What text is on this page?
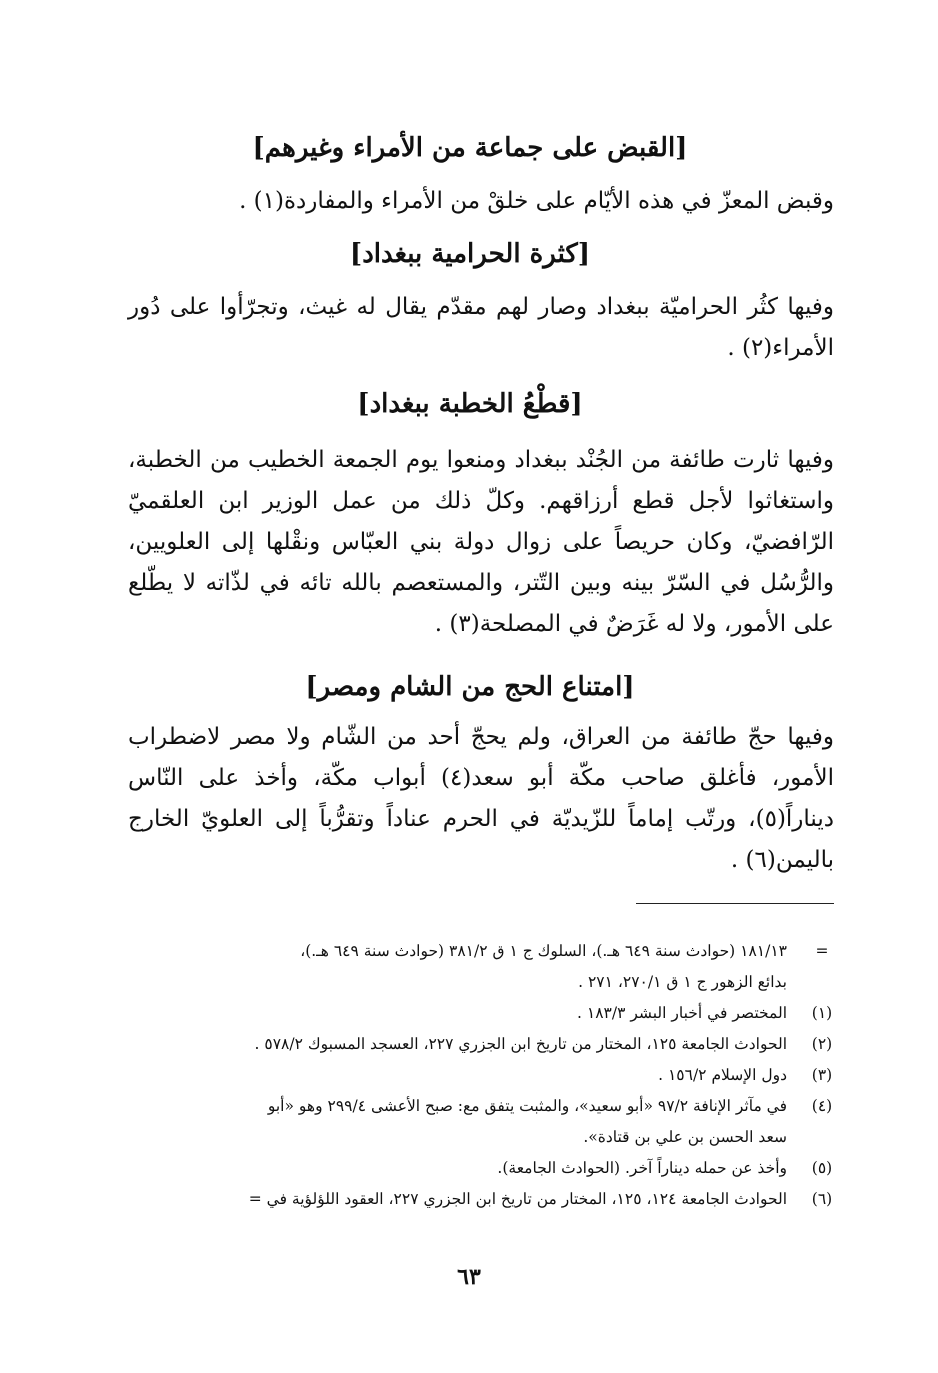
[القبض على جماعة من الأمراء وغيرهم]

وقبض المعزّ في هذه الأيّام على خلقْ من الأمراء والمفاردة(١) .

[كثرة الحرامية ببغداد]

وفيها كثُر الحراميّة ببغداد وصار لهم مقدّم يقال له غيث، وتجرّأوا على دُور الأمراء(٢) .

[قطْعُ الخطبة ببغداد]

وفيها ثارت طائفة من الجُنْد ببغداد ومنعوا يوم الجمعة الخطيب من الخطبة، واستغاثوا لأجل قطع أرزاقهم. وكلّ ذلك من عمل الوزير ابن العلقميّ الرّافضيّ، وكان حريصاً على زوال دولة بني العبّاس ونقْلها إلى العلويين، والرُّسُل في السّرّ بينه وبين التّتر، والمستعصم بالله تائه في لذّاته لا يطّلع على الأمور، ولا له غَرَضٌ في المصلحة(٣) .

[امتناع الحج من الشام ومصر]

وفيها حجّ طائفة من العراق، ولم يحجّ أحد من الشّام ولا مصر لاضطراب الأمور، فأغلق صاحب مكّة أبو سعد(٤) أبواب مكّة، وأخذ على النّاس ديناراً(٥)، ورتّب إماماً للزّيديّة في الحرم عناداً وتقرُّباً إلى العلويّ الخارج باليمن(٦) .

=
١٨١/١٣ (حوادث سنة ٦٤٩ هـ.)، السلوك ج ١ ق ٣٨١/٢ (حوادث سنة ٦٤٩ هـ.)،
بدائع الزهور ج ١ ق ٢٧٠/١، ٢٧١ .
(١)
المختصر في أخبار البشر ١٨٣/٣ .
(٢)
الحوادث الجامعة ١٢٥، المختار من تاريخ ابن الجزري ٢٢٧، العسجد المسبوك ٥٧٨/٢ .
(٣)
دول الإسلام ١٥٦/٢ .
(٤)
في مآثر الإنافة ٩٧/٢ «أبو سعيد»، والمثبت يتفق مع: صبح الأعشى ٢٩٩/٤ وهو «أبو
سعد الحسن بن علي بن قتادة».
(٥)
وأخذ عن حمله ديناراً آخر. (الحوادث الجامعة).
(٦)
الحوادث الجامعة ١٢٤، ١٢٥، المختار من تاريخ ابن الجزري ٢٢٧، العقود اللؤلؤية في =
٦٣
